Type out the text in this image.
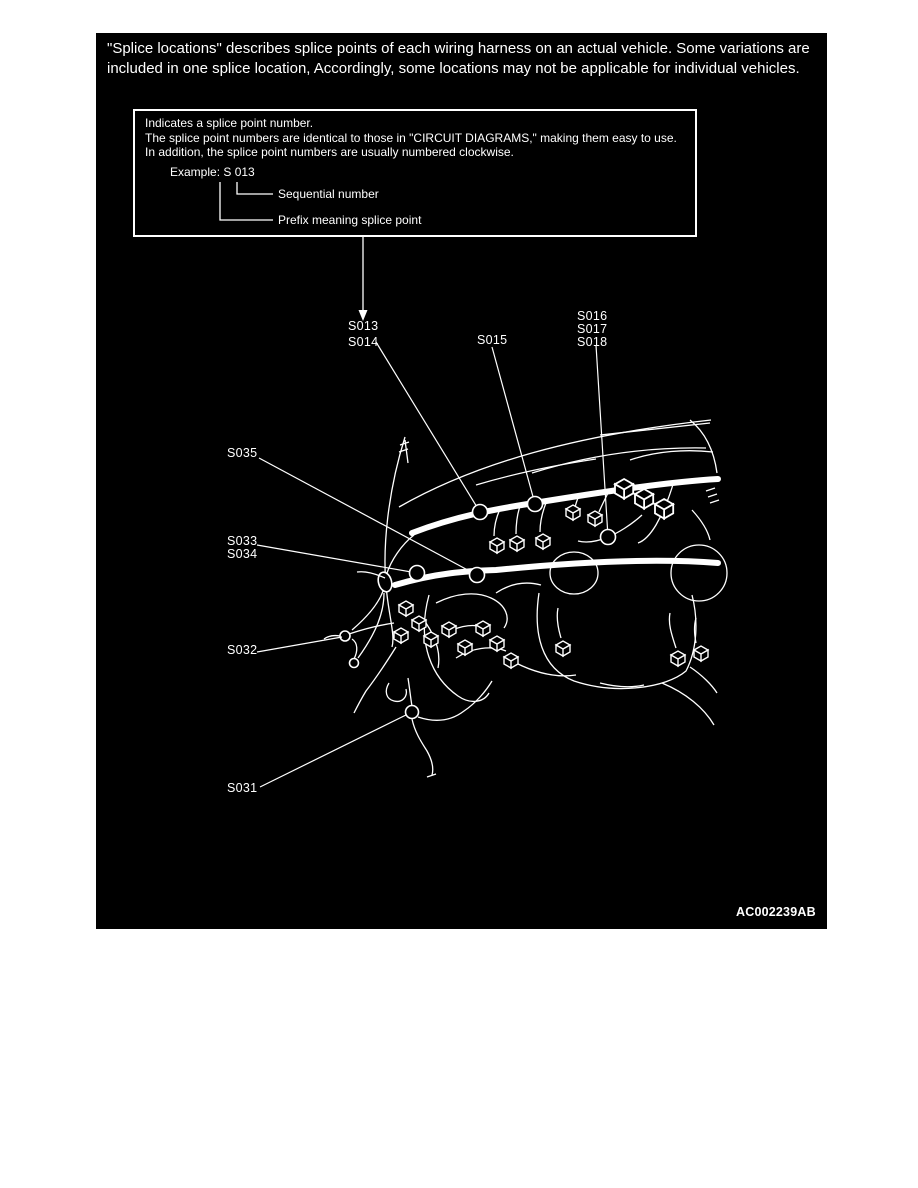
"Splice locations" describes splice points of each wiring harness on an actual vehicle. Some variations are
included in one splice location, Accordingly, some locations may not be applicable for individual vehicles.
Indicates a splice point number.
The splice point numbers are identical to those in "CIRCUIT DIAGRAMS," making them easy to use.
In addition, the splice point numbers are usually numbered clockwise.
Example: S 013
Sequential number
Prefix meaning splice point
S013
S014	S015
S016
S017
S018
S035
S033
S034
S032
S031
AC002239AB
